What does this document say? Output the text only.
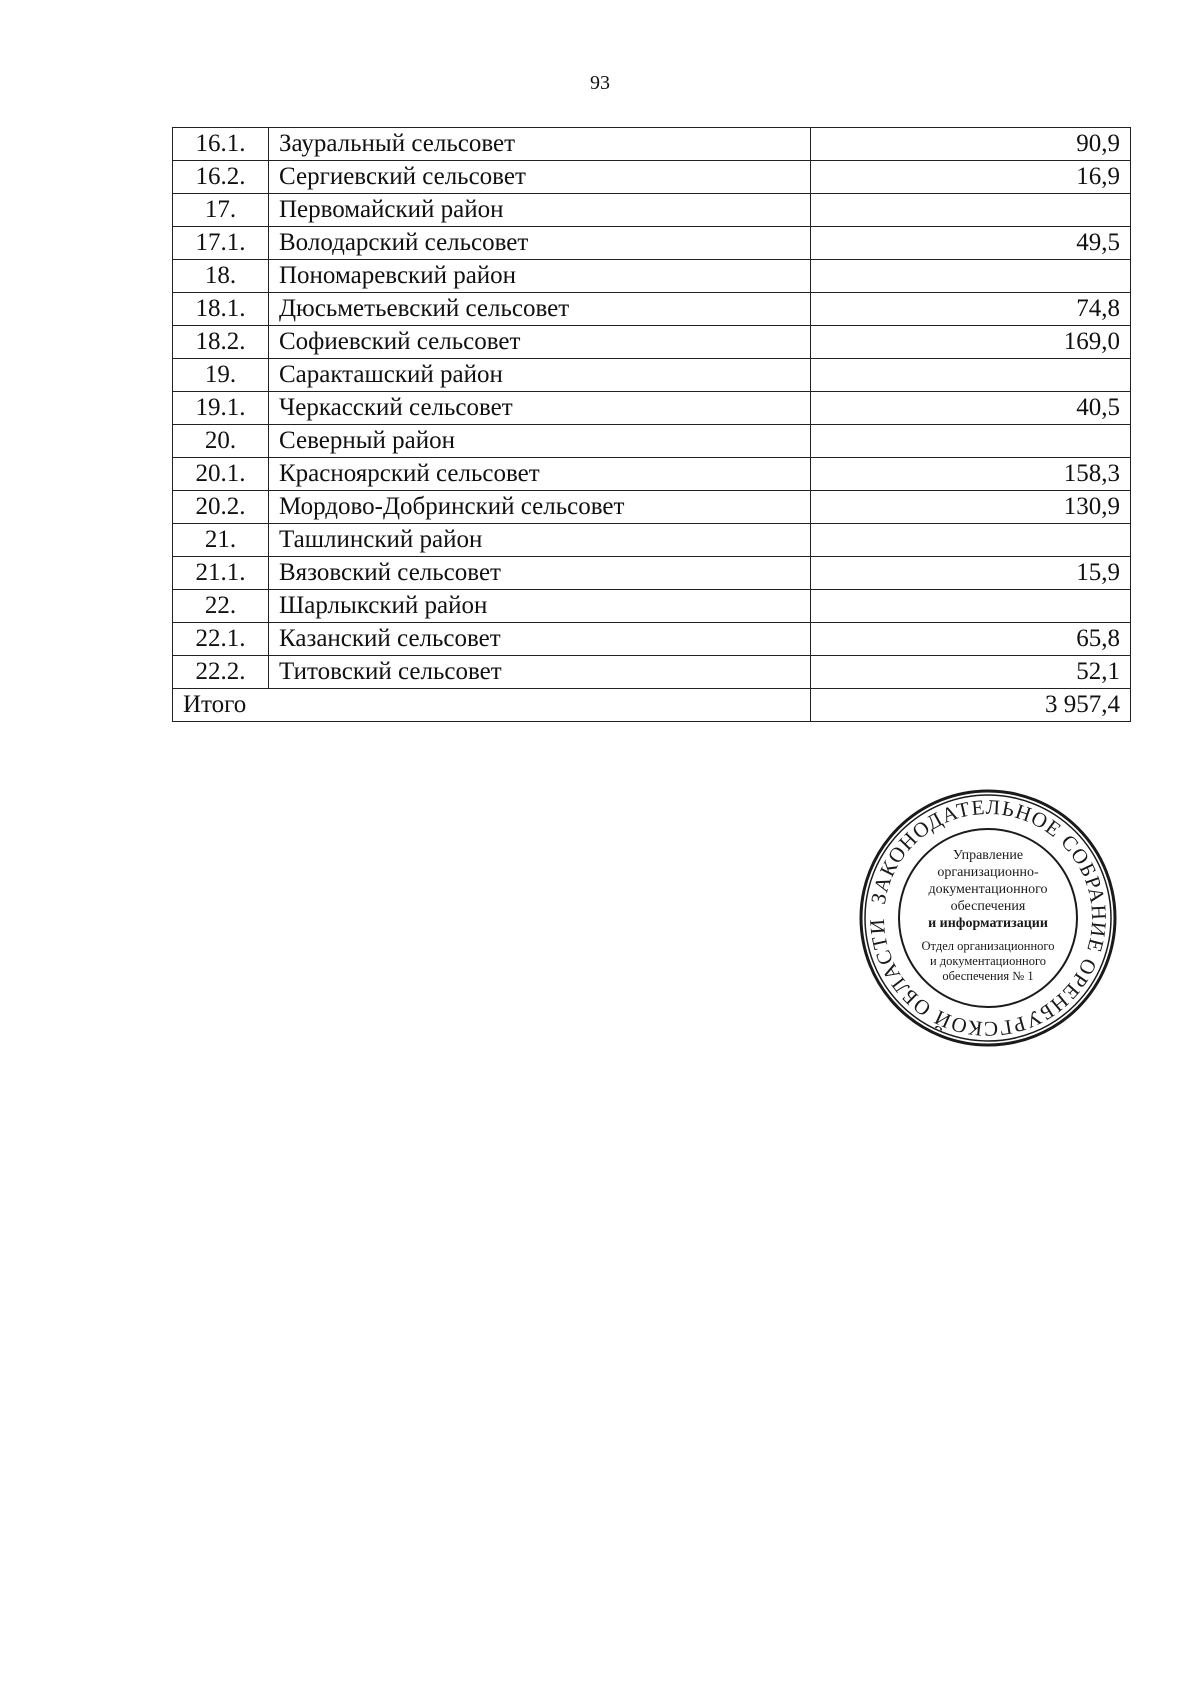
93
16.1.	Зауральный сельсовет	90,9
16.2.	Сергиевский сельсовет	16,9
17.	Первомайский район	
17.1.	Володарский сельсовет	49,5
18.	Пономаревский район	
18.1.	Дюсьметьевский сельсовет	74,8
18.2.	Софиевский сельсовет	169,0
19.	Саракташский район	
19.1.	Черкасский сельсовет	40,5
20.	Северный район	
20.1.	Красноярский сельсовет	158,3
20.2.	Мордово-Добринский сельсовет	130,9
21.	Ташлинский район	
21.1.	Вязовский сельсовет	15,9
22.	Шарлыкский район	
22.1.	Казанский сельсовет	65,8
22.2.	Титовский сельсовет	52,1
Итого		3 957,4
ЗАКОНОДАТЕЛЬНОЕ СОБРАНИЕ ОРЕНБУРГСКОЙ ОБЛАСТИ
Управление
организационно-
документационного
обеспечения
и информатизации
Отдел организационного
и документационного
обеспечения № 1
